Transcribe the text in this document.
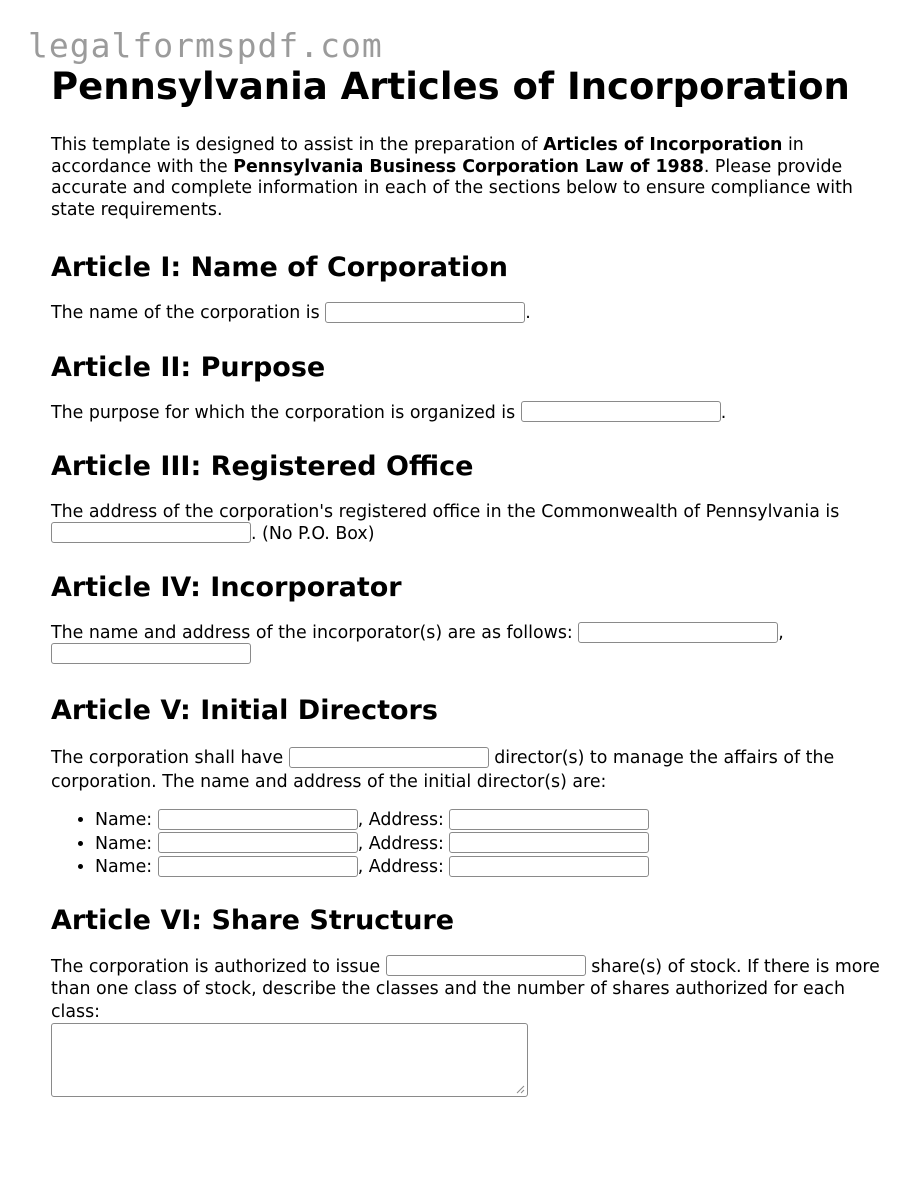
legalformspdf.com
Pennsylvania Articles of Incorporation

This template is designed to assist in the preparation of Articles of Incorporation in accordance with the Pennsylvania Business Corporation Law of 1988. Please provide accurate and complete information in each of the sections below to ensure compliance with state requirements.

Article I: Name of Corporation

The name of the corporation is	.

Article II: Purpose

The purpose for which the corporation is organized is	.

Article III: Registered Office

The address of the corporation's registered office in the Commonwealth of Pennsylvania is . (No P.O. Box)

Article IV: Incorporator

The name and address of the incorporator(s) are as follows:	,

Article V: Initial Directors

The corporation shall have	director(s) to manage the affairs of the corporation. The name and address of the initial director(s) are:

• Name:	, Address:
• Name:	, Address:
• Name:	, Address:
Article VI: Share Structure

The corporation is authorized to issue	share(s) of stock. If there is more than one class of stock, describe the classes and the number of shares authorized for each class:
